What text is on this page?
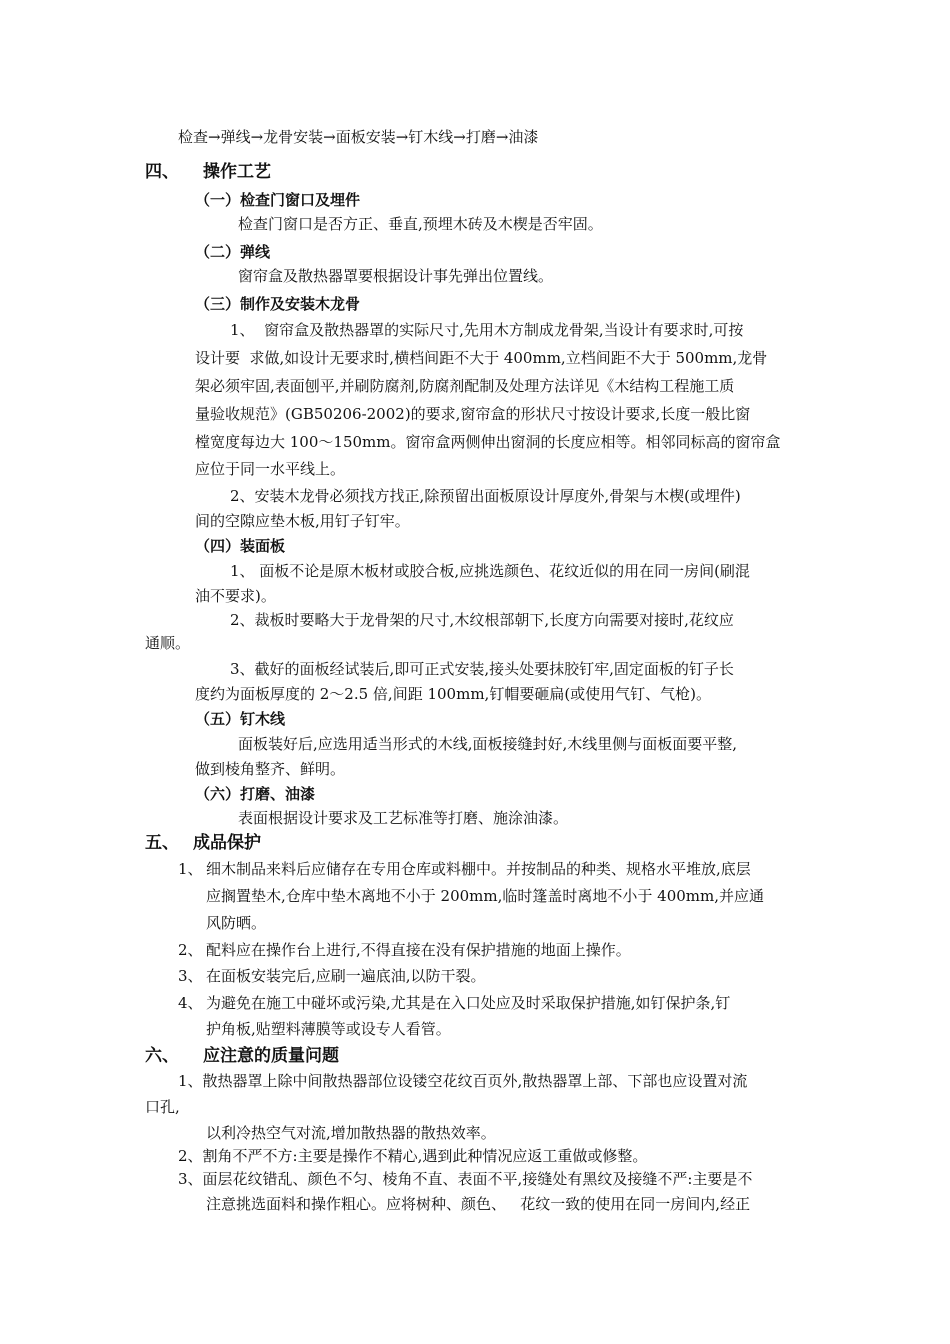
检查→弹线→龙骨安装→面板安装→钉木线→打磨→油漆
四、 操作工艺
（一）检查门窗口及埋件
检查门窗口是否方正、垂直,预埋木砖及木楔是否牢固。
（二）弹线
窗帘盒及散热器罩要根据设计事先弹出位置线。
（三）制作及安装木龙骨
1、  窗帘盒及散热器罩的实际尺寸,先用木方制成龙骨架,当设计有要求时,可按
设计要  求做,如设计无要求时,横档间距不大于 400mm,立档间距不大于 500mm,龙骨
架必须牢固,表面刨平,并刷防腐剂,防腐剂配制及处理方法详见《木结构工程施工质
量验收规范》(GB50206-2002)的要求,窗帘盒的形状尺寸按设计要求,长度一般比窗
樘宽度每边大 100～150mm。窗帘盒两侧伸出窗洞的长度应相等。相邻同标高的窗帘盒
应位于同一水平线上。
2、安装木龙骨必须找方找正,除预留出面板原设计厚度外,骨架与木楔(或埋件)
间的空隙应垫木板,用钉子钉牢。
（四）装面板
1、 面板不论是原木板材或胶合板,应挑选颜色、花纹近似的用在同一房间(刷混
油不要求)。
2、裁板时要略大于龙骨架的尺寸,木纹根部朝下,长度方向需要对接时,花纹应
通顺。
3、截好的面板经试装后,即可正式安装,接头处要抹胶钉牢,固定面板的钉子长
度约为面板厚度的 2～2.5 倍,间距 100mm,钉帽要砸扁(或使用气钉、气枪)。
（五）钉木线
面板装好后,应选用适当形式的木线,面板接缝封好,木线里侧与面板面要平整,
做到棱角整齐、鲜明。
（六）打磨、油漆
表面根据设计要求及工艺标准等打磨、施涂油漆。
五、 成品保护
1、 细木制品来料后应储存在专用仓库或料棚中。并按制品的种类、规格水平堆放,底层
应搁置垫木,仓库中垫木离地不小于 200mm,临时篷盖时离地不小于 400mm,并应通
风防晒。
2、 配料应在操作台上进行,不得直接在没有保护措施的地面上操作。
3、 在面板安装完后,应刷一遍底油,以防干裂。
4、 为避免在施工中碰坏或污染,尤其是在入口处应及时采取保护措施,如钉保护条,钉
护角板,贴塑料薄膜等或设专人看管。
六、 应注意的质量问题
1、散热器罩上除中间散热器部位设镂空花纹百页外,散热器罩上部、下部也应设置对流
口孔,
以利冷热空气对流,增加散热器的散热效率。
2、割角不严不方:主要是操作不精心,遇到此种情况应返工重做或修整。
3、面层花纹错乱、颜色不匀、棱角不直、表面不平,接缝处有黑纹及接缝不严:主要是不
注意挑选面料和操作粗心。应将树种、颜色、   花纹一致的使用在同一房间内,经正
